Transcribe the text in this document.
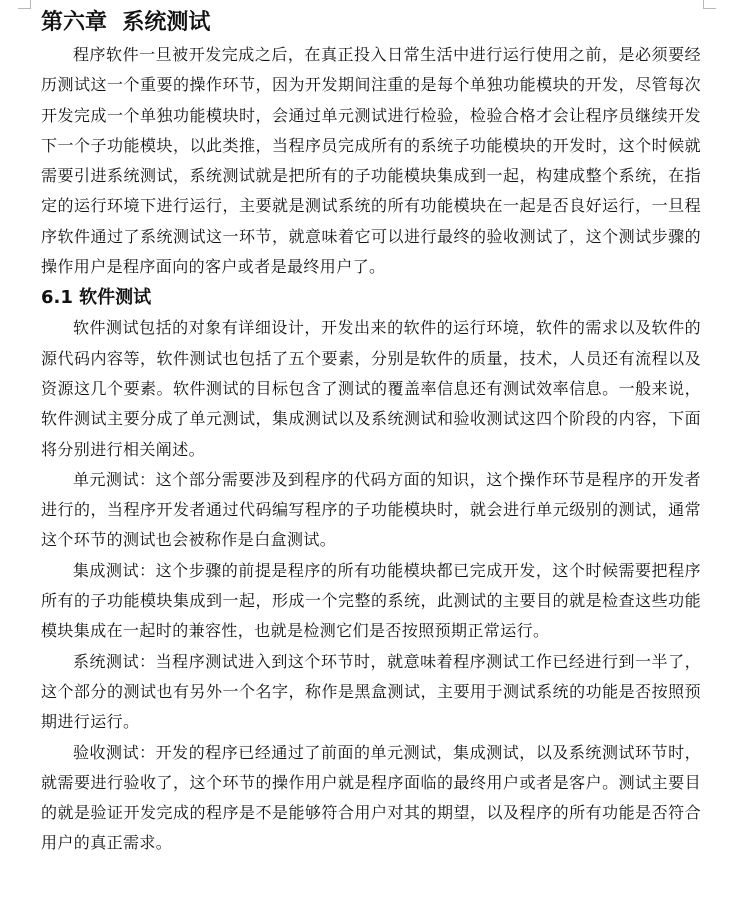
第六章  系统测试

程序软件一旦被开发完成之后，在真正投入日常生活中进行运行使用之前，是必须要经历测试这一个重要的操作环节，因为开发期间注重的是每个单独功能模块的开发，尽管每次开发完成一个单独功能模块时，会通过单元测试进行检验，检验合格才会让程序员继续开发下一个子功能模块，以此类推，当程序员完成所有的系统子功能模块的开发时，这个时候就需要引进系统测试，系统测试就是把所有的子功能模块集成到一起，构建成整个系统，在指定的运行环境下进行运行，主要就是测试系统的所有功能模块在一起是否良好运行，一旦程序软件通过了系统测试这一环节，就意味着它可以进行最终的验收测试了，这个测试步骤的操作用户是程序面向的客户或者是最终用户了。

6.1 软件测试

软件测试包括的对象有详细设计，开发出来的软件的运行环境，软件的需求以及软件的源代码内容等，软件测试也包括了五个要素，分别是软件的质量，技术，人员还有流程以及资源这几个要素。软件测试的目标包含了测试的覆盖率信息还有测试效率信息。一般来说，软件测试主要分成了单元测试，集成测试以及系统测试和验收测试这四个阶段的内容，下面将分别进行相关阐述。

单元测试：这个部分需要涉及到程序的代码方面的知识，这个操作环节是程序的开发者进行的，当程序开发者通过代码编写程序的子功能模块时，就会进行单元级别的测试，通常这个环节的测试也会被称作是白盒测试。

集成测试：这个步骤的前提是程序的所有功能模块都已完成开发，这个时候需要把程序所有的子功能模块集成到一起，形成一个完整的系统，此测试的主要目的就是检查这些功能模块集成在一起时的兼容性，也就是检测它们是否按照预期正常运行。

系统测试：当程序测试进入到这个环节时，就意味着程序测试工作已经进行到一半了，这个部分的测试也有另外一个名字，称作是黑盒测试，主要用于测试系统的功能是否按照预期进行运行。

验收测试：开发的程序已经通过了前面的单元测试，集成测试，以及系统测试环节时，就需要进行验收了，这个环节的操作用户就是程序面临的最终用户或者是客户。测试主要目的就是验证开发完成的程序是不是能够符合用户对其的期望，以及程序的所有功能是否符合用户的真正需求。
